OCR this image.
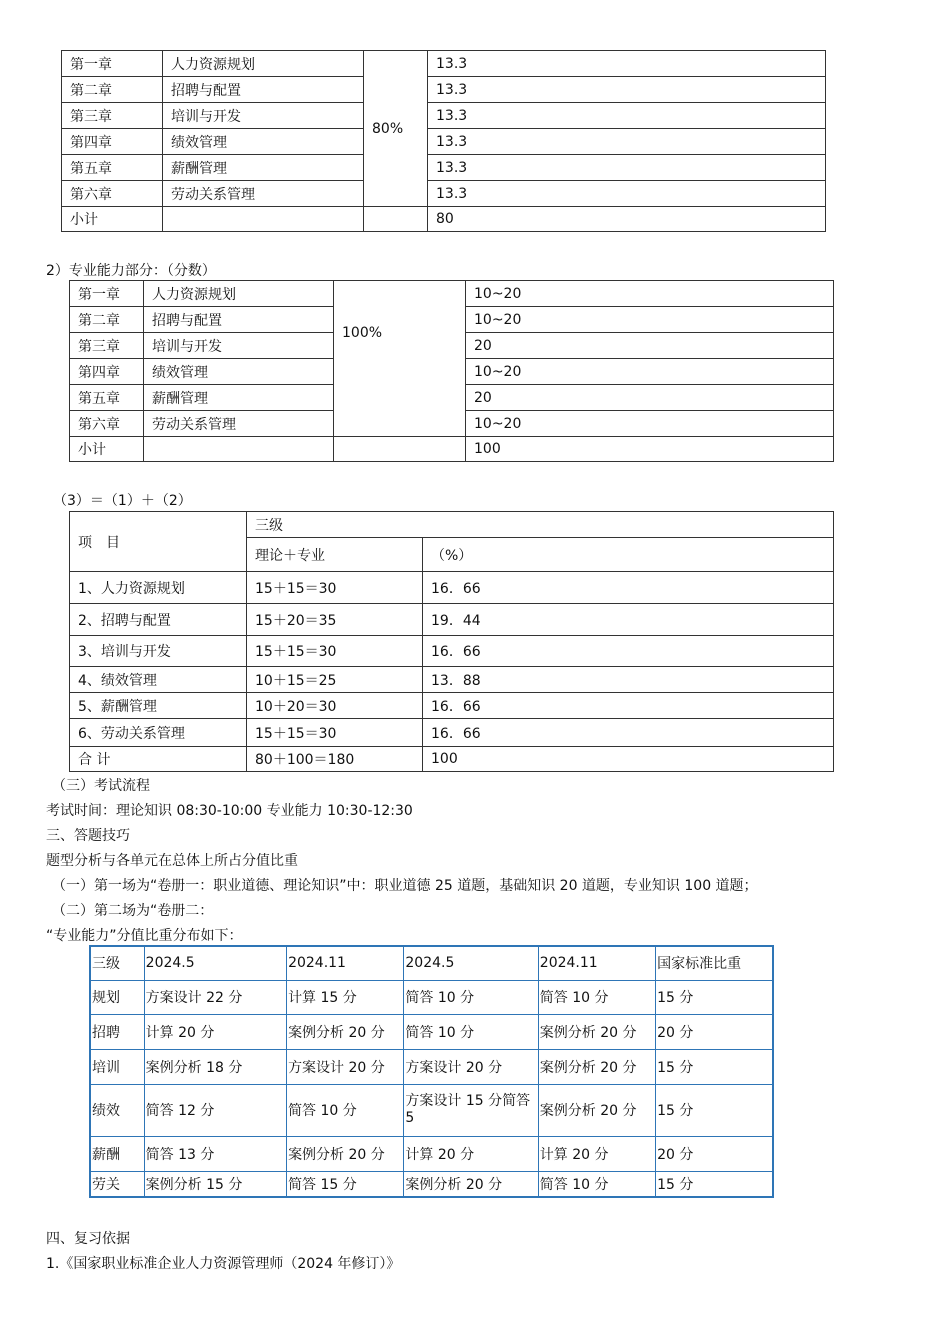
第一章	人力资源规划	80%	13.3
第二章	招聘与配置		13.3
第三章	培训与开发		13.3
第四章	绩效管理		13.3
第五章	薪酬管理		13.3
第六章	劳动关系管理		13.3
小计			80
2）专业能力部分：（分数）
第一章	人力资源规划	100%	10~20
第二章	招聘与配置		10~20
第三章	培训与开发		20
第四章	绩效管理		10~20
第五章	薪酬管理		20
第六章	劳动关系管理		10~20
小计			100
（3）＝（1）＋（2）
项　目	三级	
	理论＋专业	（%）
1、人力资源规划	15＋15＝30	16．66
2、招聘与配置	15＋20＝35	19．44
3、培训与开发	15＋15＝30	16．66
4、绩效管理	10＋15＝25	13．88
5、薪酬管理	10＋20＝30	16．66
6、劳动关系管理	15＋15＝30	16．66
合 计	80＋100＝180	100
（三）考试流程
考试时间：理论知识 08:30-10:00 专业能力 10:30-12:30
三、答题技巧
题型分析与各单元在总体上所占分值比重
（一）第一场为“卷册一：职业道德、理论知识”中：职业道德 25 道题，基础知识 20 道题，专业知识 100 道题；
（二）第二场为“卷册二：
“专业能力”分值比重分布如下：
三级	2024.5	2024.11	2024.5	2024.11	国家标准比重
规划	方案设计 22 分	计算 15 分	简答 10 分	简答 10 分	15 分
招聘	计算 20 分	案例分析 20 分	简答 10 分	案例分析 20 分	20 分
培训	案例分析 18 分	方案设计 20 分	方案设计 20 分	案例分析 20 分	15 分
绩效	简答 12 分	简答 10 分	方案设计 15 分简答 5	案例分析 20 分	15 分
薪酬	简答 13 分	案例分析 20 分	计算 20 分	计算 20 分	20 分
劳关	案例分析 15 分	简答 15 分	案例分析 20 分	简答 10 分	15 分
四、复习依据
1.《国家职业标准企业人力资源管理师（2024 年修订）》
